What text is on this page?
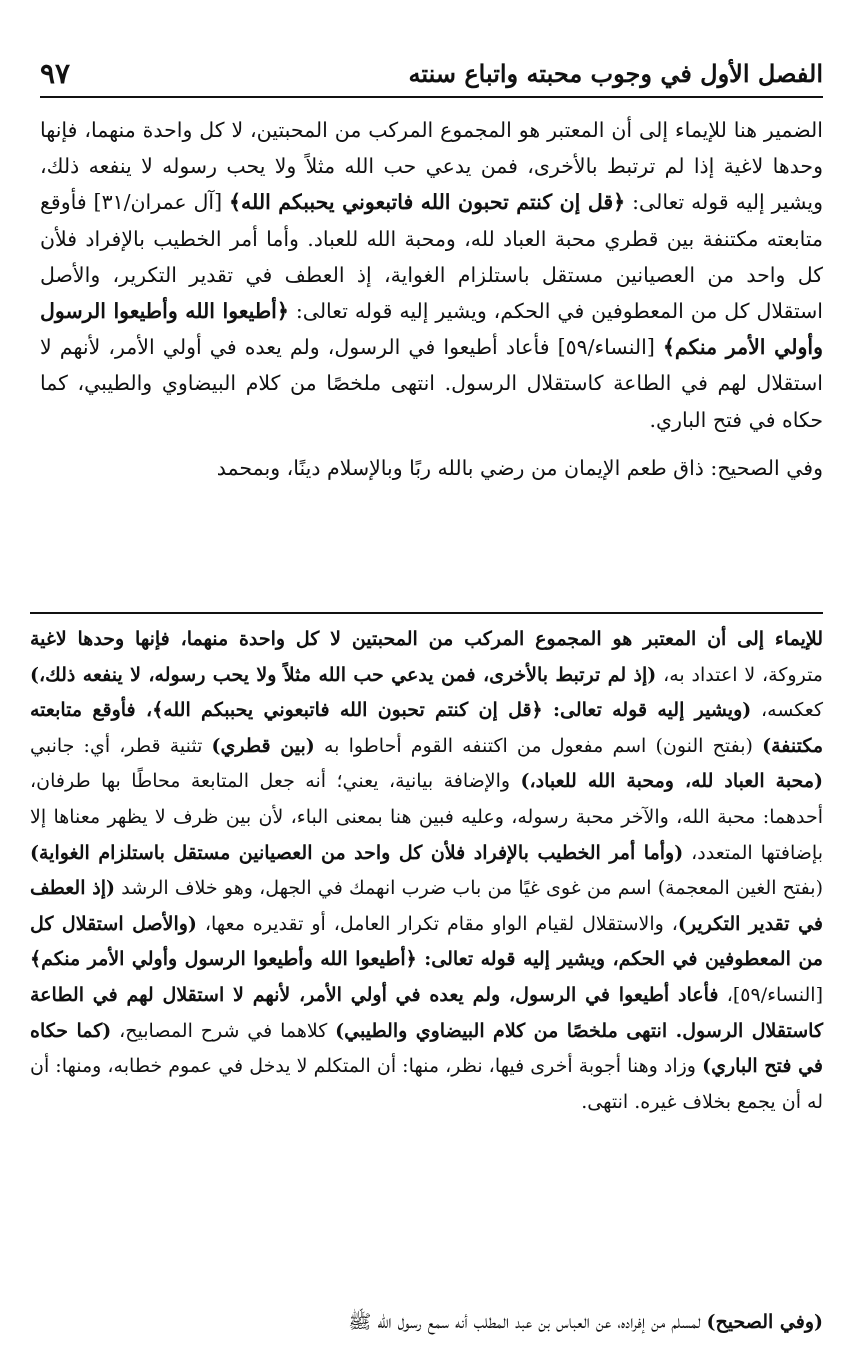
الفصل الأول في وجوب محبته واتباع سنته
٩٧

الضمير هنا للإيماء إلى أن المعتبر هو المجموع المركب من المحبتين، لا كل واحدة منهما، فإنها وحدها لاغية إذا لم ترتبط بالأخرى، فمن يدعي حب الله مثلاً ولا يحب رسوله لا ينفعه ذلك، ويشير إليه قوله تعالى: ﴿قل إن كنتم تحبون الله فاتبعوني يحببكم الله﴾ [آل عمران/٣١] فأوقع متابعته مكتنفة بين قطري محبة العباد لله، ومحبة الله للعباد. وأما أمر الخطيب بالإفراد فلأن كل واحد من العصيانين مستقل باستلزام الغواية، إذ العطف في تقدير التكرير، والأصل استقلال كل من المعطوفين في الحكم، ويشير إليه قوله تعالى: ﴿أطيعوا الله وأطيعوا الرسول وأولي الأمر منكم﴾ [النساء/٥٩] فأعاد أطيعوا في الرسول، ولم يعده في أولي الأمر، لأنهم لا استقلال لهم في الطاعة كاستقلال الرسول. انتهى ملخصًا من كلام البيضاوي والطيبي، كما حكاه في فتح الباري.

وفي الصحيح: ذاق طعم الإيمان من رضي بالله ربًا وبالإسلام دينًا، وبمحمد

للإيماء إلى أن المعتبر هو المجموع المركب من المحبتين لا كل واحدة منهما، فإنها وحدها لاغية متروكة، لا اعتداد به، (إذ لم ترتبط بالأخرى، فمن يدعي حب الله مثلاً ولا يحب رسوله، لا ينفعه ذلك،) كعكسه، (ويشير إليه قوله تعالى: ﴿قل إن كنتم تحبون الله فاتبعوني يحببكم الله﴾، فأوقع متابعته مكتنفة) (بفتح النون) اسم مفعول من اكتنفه القوم أحاطوا به (بين قطري) تثنية قطر، أي: جانبي (محبة العباد لله، ومحبة الله للعباد،) والإضافة بيانية، يعني؛ أنه جعل المتابعة محاطًا بها طرفان، أحدهما: محبة الله، والآخر محبة رسوله، وعليه فبين هنا بمعنى الباء، لأن بين ظرف لا يظهر معناها إلا بإضافتها المتعدد، (وأما أمر الخطيب بالإفراد فلأن كل واحد من العصيانين مستقل باستلزام الغواية) (بفتح الغين المعجمة) اسم من غوى غيًا من باب ضرب انهمك في الجهل، وهو خلاف الرشد (إذ العطف في تقدير التكرير)، والاستقلال لقيام الواو مقام تكرار العامل، أو تقديره معها، (والأصل استقلال كل من المعطوفين في الحكم، ويشير إليه قوله تعالى: ﴿أطيعوا الله وأطيعوا الرسول وأولي الأمر منكم﴾ [النساء/٥٩]، فأعاد أطيعوا في الرسول، ولم يعده في أولي الأمر، لأنهم لا استقلال لهم في الطاعة كاستقلال الرسول. انتهى ملخصًا من كلام البيضاوي والطيبي) كلاهما في شرح المصابيح، (كما حكاه في فتح الباري) وزاد وهنا أجوبة أخرى فيها، نظر، منها: أن المتكلم لا يدخل في عموم خطابه، ومنها: أن له أن يجمع بخلاف غيره. انتهى.

(وفي الصحيح) لمسلم من إفراده، عن العباس بن عبد المطلب أنه سمع رسول الله ﷺ
